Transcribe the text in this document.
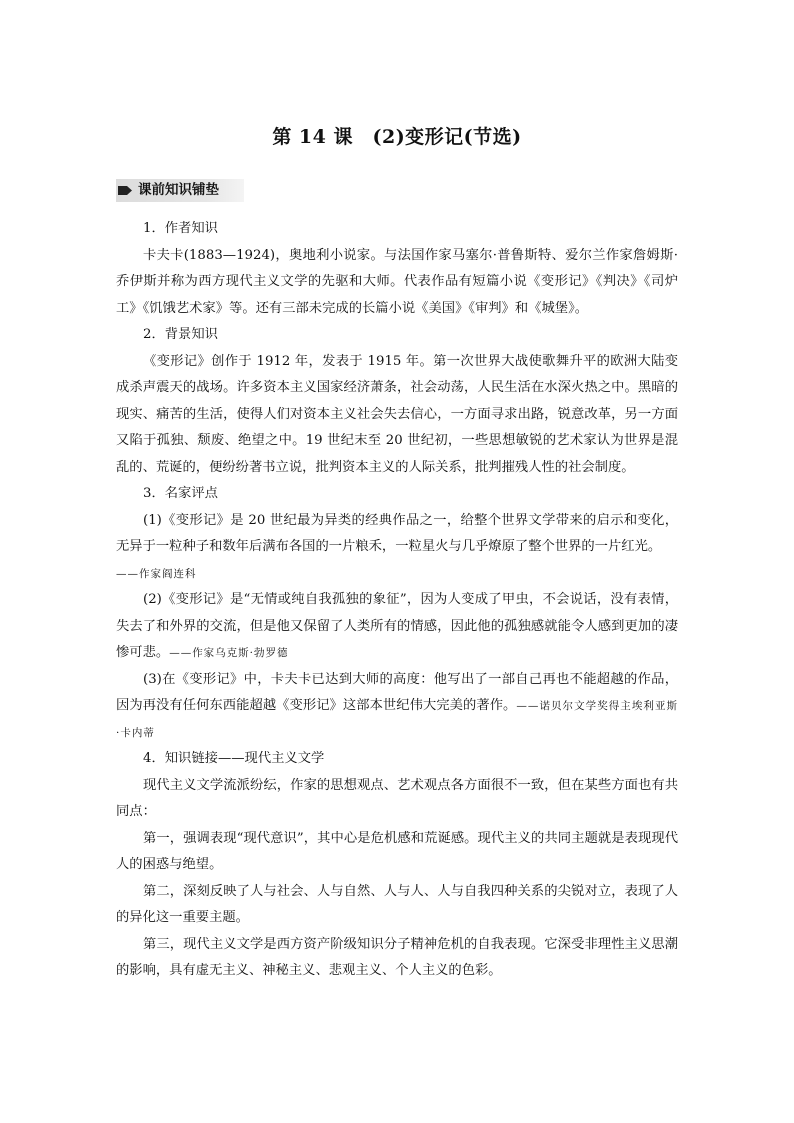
第 14 课　(2)变形记(节选)
课前知识铺垫

1．作者知识

卡夫卡(1883—1924)，奥地利小说家。与法国作家马塞尔·普鲁斯特、爱尔兰作家詹姆斯·乔伊斯并称为西方现代主义文学的先驱和大师。代表作品有短篇小说《变形记》《判决》《司炉工》《饥饿艺术家》等。还有三部未完成的长篇小说《美国》《审判》和《城堡》。

2．背景知识

《变形记》创作于 1912 年，发表于 1915 年。第一次世界大战使歌舞升平的欧洲大陆变成杀声震天的战场。许多资本主义国家经济萧条，社会动荡，人民生活在水深火热之中。黑暗的现实、痛苦的生活，使得人们对资本主义社会失去信心，一方面寻求出路，锐意改革，另一方面又陷于孤独、颓废、绝望之中。19 世纪末至 20 世纪初，一些思想敏锐的艺术家认为世界是混乱的、荒诞的，便纷纷著书立说，批判资本主义的人际关系，批判摧残人性的社会制度。

3．名家评点

(1)《变形记》是 20 世纪最为异类的经典作品之一，给整个世界文学带来的启示和变化，无异于一粒种子和数年后满布各国的一片粮禾，一粒星火与几乎燎原了整个世界的一片红光。

——作家阎连科

(2)《变形记》是“无情或纯自我孤独的象征”，因为人变成了甲虫，不会说话，没有表情，失去了和外界的交流，但是他又保留了人类所有的情感，因此他的孤独感就能令人感到更加的凄惨可悲。——作家乌克斯·勃罗德

(3)在《变形记》中，卡夫卡已达到大师的高度：他写出了一部自己再也不能超越的作品，因为再没有任何东西能超越《变形记》这部本世纪伟大完美的著作。——诺贝尔文学奖得主埃利亚斯·卡内蒂

4．知识链接——现代主义文学

现代主义文学流派纷纭，作家的思想观点、艺术观点各方面很不一致，但在某些方面也有共同点：

第一，强调表现“现代意识”，其中心是危机感和荒诞感。现代主义的共同主题就是表现现代人的困惑与绝望。

第二，深刻反映了人与社会、人与自然、人与人、人与自我四种关系的尖锐对立，表现了人的异化这一重要主题。

第三，现代主义文学是西方资产阶级知识分子精神危机的自我表现。它深受非理性主义思潮的影响，具有虚无主义、神秘主义、悲观主义、个人主义的色彩。
